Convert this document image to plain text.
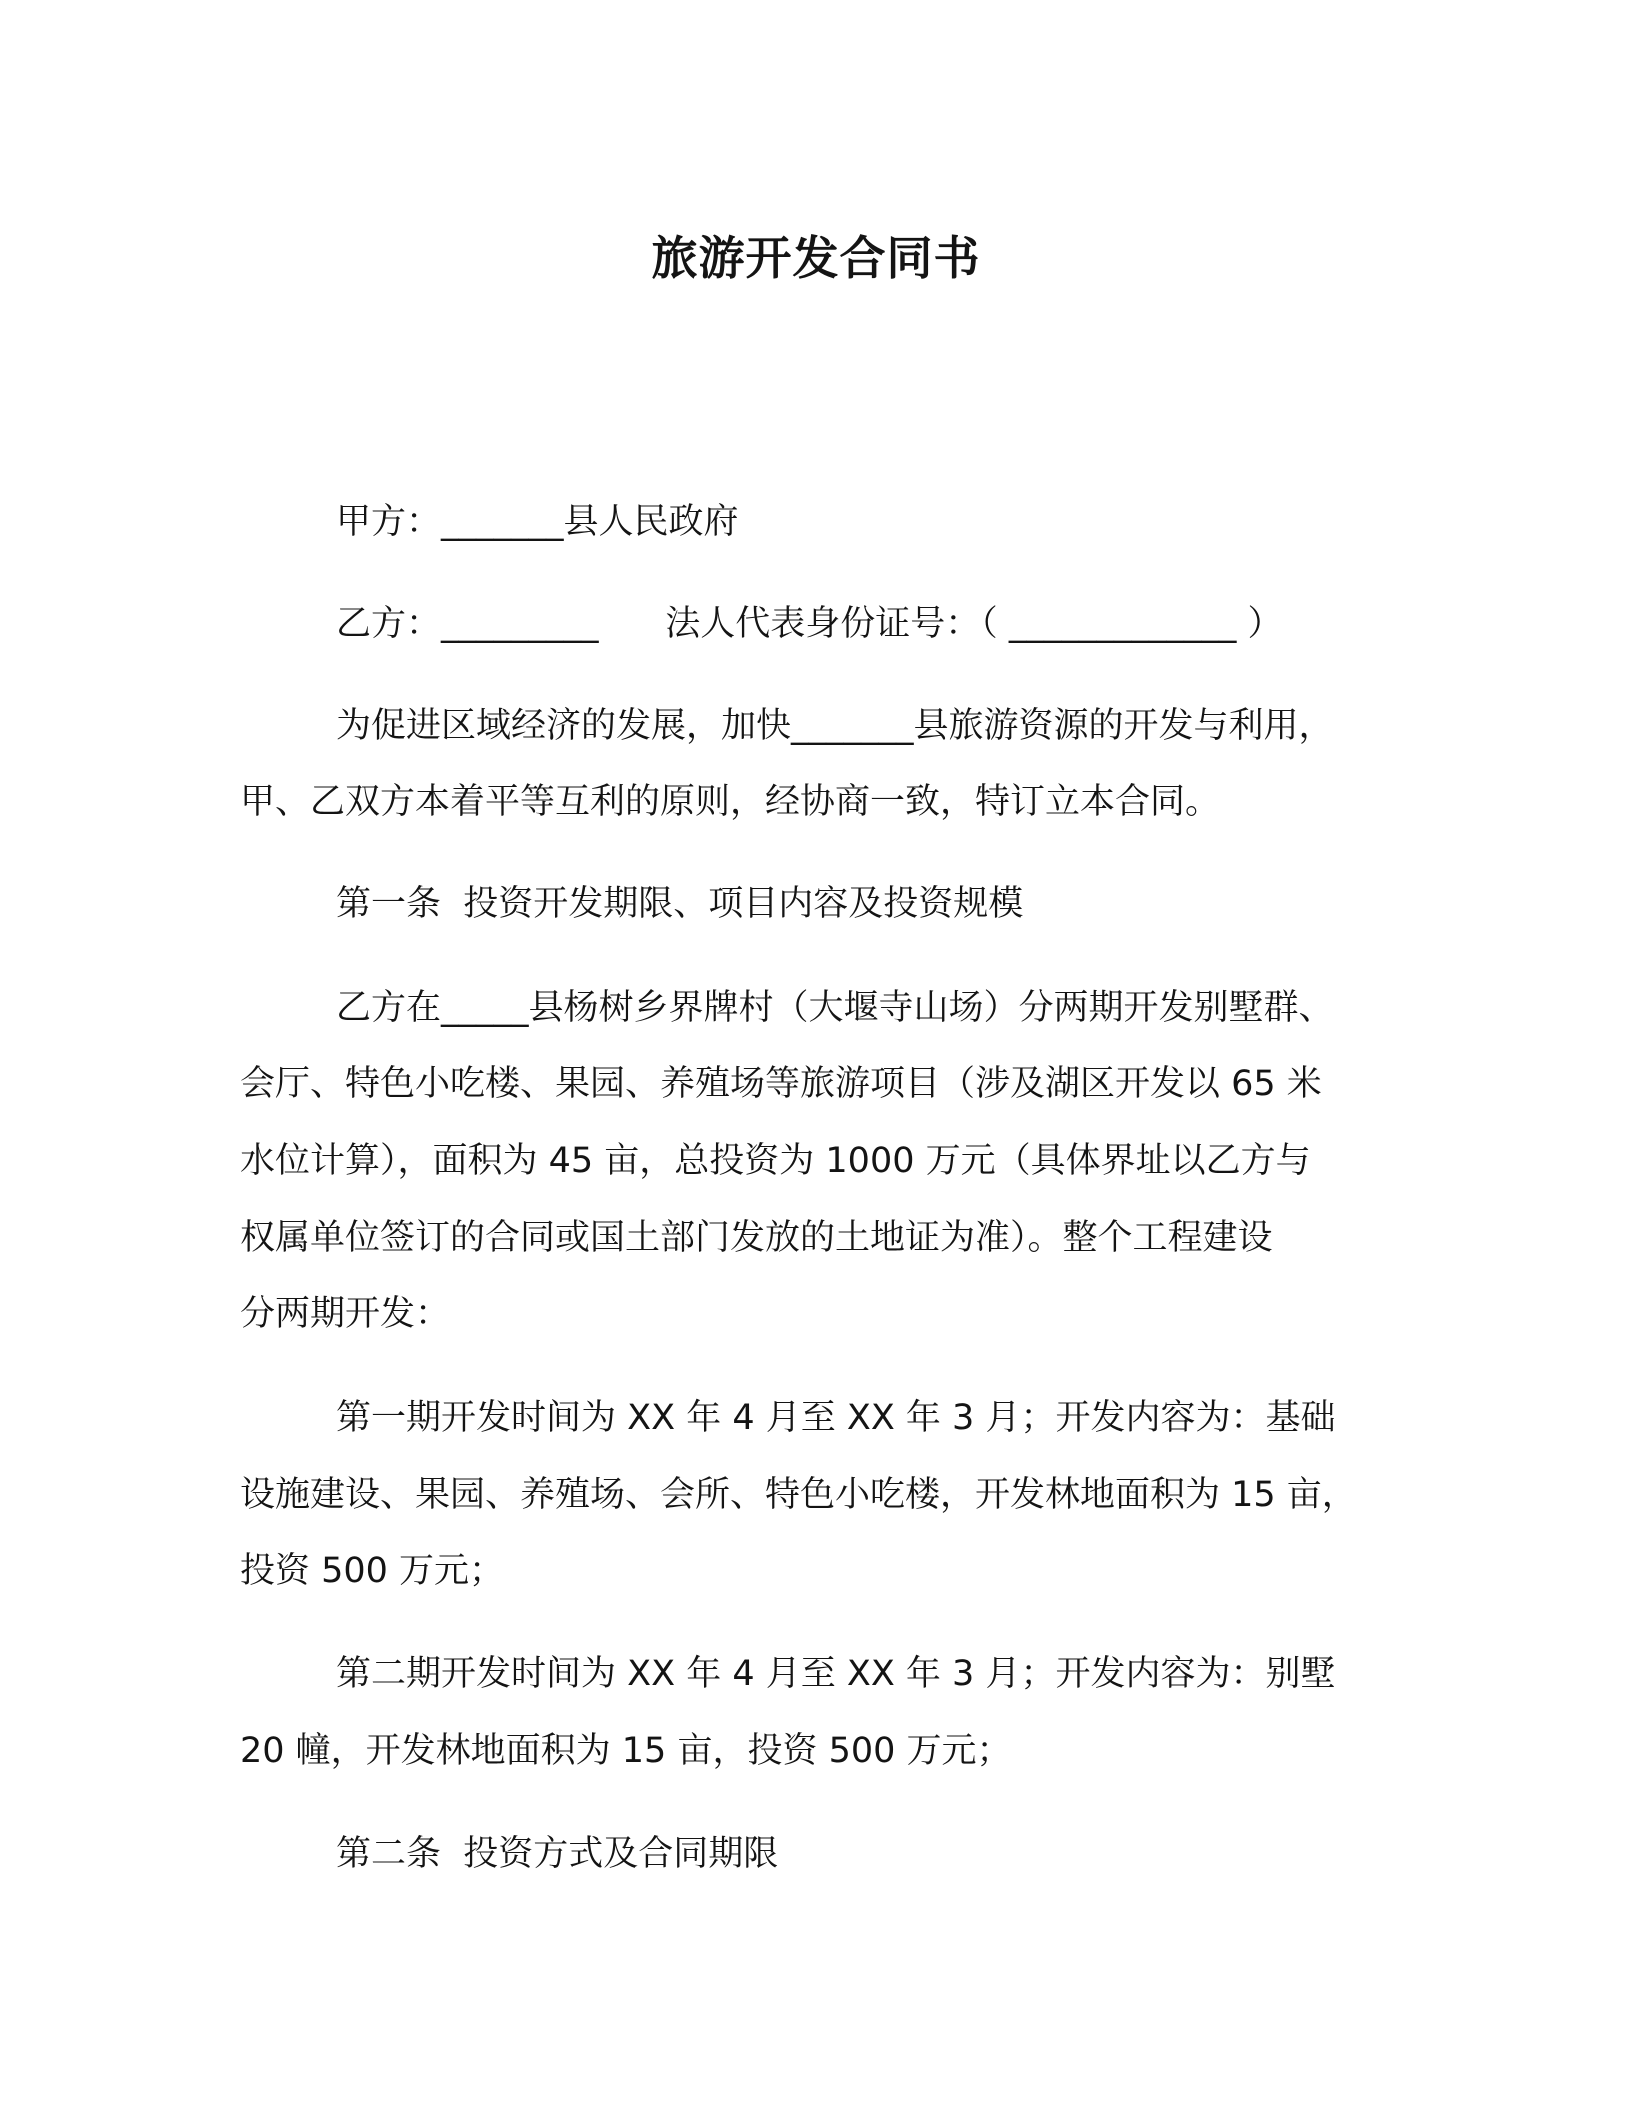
旅游开发合同书

甲方：_______县人民政府

乙方：_________      法人代表身份证号：（ _____________ ）

为促进区域经济的发展，加快_______县旅游资源的开发与利用，

甲、乙双方本着平等互利的原则，经协商一致，特订立本合同。

第一条  投资开发期限、项目内容及投资规模

乙方在_____县杨树乡界牌村（大堰寺山场）分两期开发别墅群、

会厅、特色小吃楼、果园、养殖场等旅游项目（涉及湖区开发以 65 米

水位计算），面积为 45 亩，总投资为 1000 万元（具体界址以乙方与

权属单位签订的合同或国土部门发放的土地证为准）。整个工程建设

分两期开发：

第一期开发时间为 XX 年 4 月至 XX 年 3 月；开发内容为：基础

设施建设、果园、养殖场、会所、特色小吃楼，开发林地面积为 15 亩，

投资 500 万元；

第二期开发时间为 XX 年 4 月至 XX 年 3 月；开发内容为：别墅

20 幢，开发林地面积为 15 亩，投资 500 万元；

第二条  投资方式及合同期限
